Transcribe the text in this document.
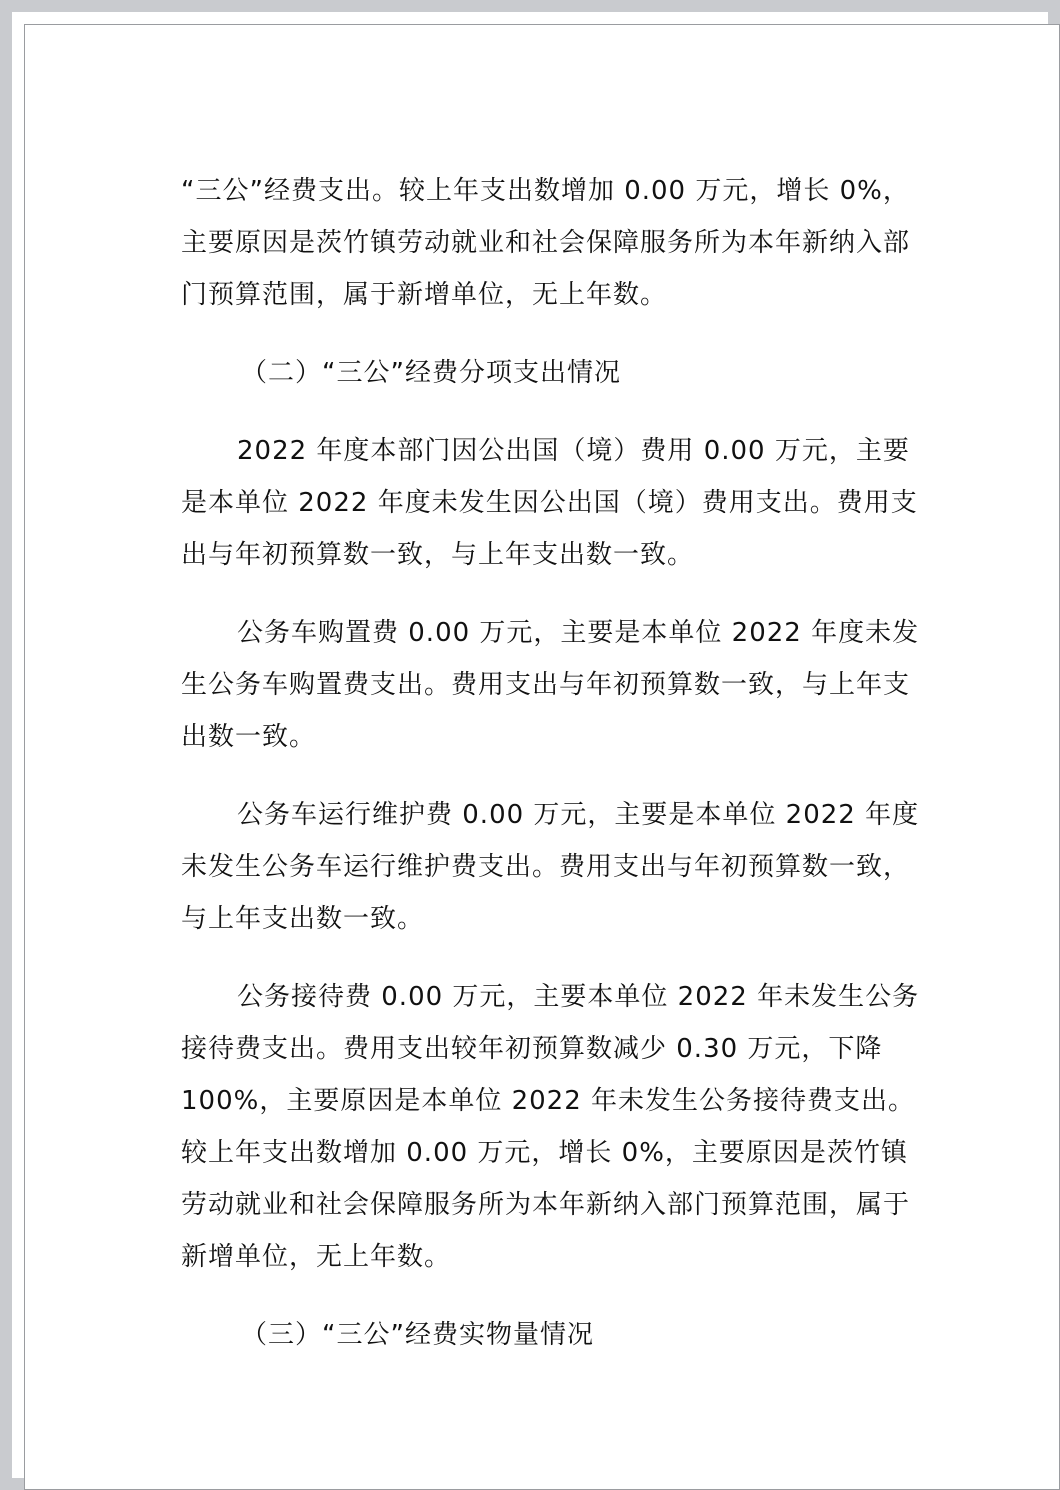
“三公”经费支出。较上年支出数增加 0.00 万元，增长 0%，主要原因是茨竹镇劳动就业和社会保障服务所为本年新纳入部门预算范围，属于新增单位，无上年数。

（二）“三公”经费分项支出情况

2022 年度本部门因公出国（境）费用 0.00 万元，主要是本单位 2022 年度未发生因公出国（境）费用支出。费用支出与年初预算数一致，与上年支出数一致。

公务车购置费 0.00 万元，主要是本单位 2022 年度未发生公务车购置费支出。费用支出与年初预算数一致，与上年支出数一致。

公务车运行维护费 0.00 万元，主要是本单位 2022 年度未发生公务车运行维护费支出。费用支出与年初预算数一致，与上年支出数一致。

公务接待费 0.00 万元，主要本单位 2022 年未发生公务接待费支出。费用支出较年初预算数减少 0.30 万元，下降 100%，主要原因是本单位 2022 年未发生公务接待费支出。较上年支出数增加 0.00 万元，增长 0%，主要原因是茨竹镇劳动就业和社会保障服务所为本年新纳入部门预算范围，属于新增单位，无上年数。

（三）“三公”经费实物量情况
